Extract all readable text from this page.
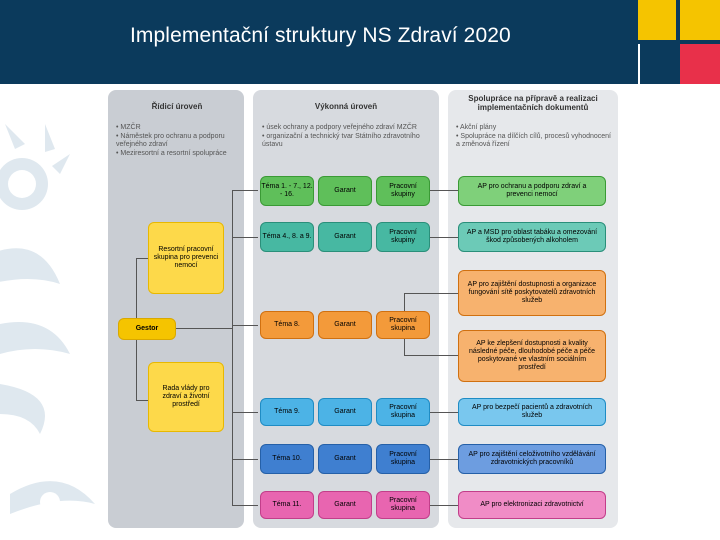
Implementační struktury NS Zdraví 2020
Řídicí úroveň
• MZČR
• Náměstek pro ochranu a podporu veřejného zdraví
• Meziresortní a resortní spolupráce
Výkonná úroveň
• úsek ochrany a podpory veřejného zdraví MZČR
• organizační a technický tvar Státního zdravotního ústavu
Spolupráce na přípravě a realizaci implementačních dokumentů
• Akční plány
• Spolupráce na dílčích cílů, procesů vyhodnocení a změnová řízení
Resortní pracovní skupina pro prevenci nemocí
Gestor
Rada vlády pro zdraví a životní prostředí
Téma 1. - 7., 12. - 16.
Garant
Pracovní skupiny
AP pro ochranu a podporu zdraví a prevenci nemocí
Téma 4., 8. a 9.	Garant
Pracovní skupiny
AP a MSD pro oblast tabáku a omezování škod způsobených alkoholem
Téma 8.	Garant
Pracovní skupina
AP pro zajištění dostupnosti a organizace fungování sítě poskytovatelů zdravotních služeb
AP ke zlepšení dostupnosti a kvality následné péče, dlouhodobé péče a péče poskytované ve vlastním sociálním prostředí
Téma 9.	Garant
Pracovní skupina
AP pro bezpečí pacientů a zdravotních služeb
Téma 10.	Garant
Pracovní skupina
AP pro zajištění celoživotního vzdělávání zdravotnických pracovníků
Téma 11.	Garant
Pracovní skupina
AP pro elektronizaci zdravotnictví
